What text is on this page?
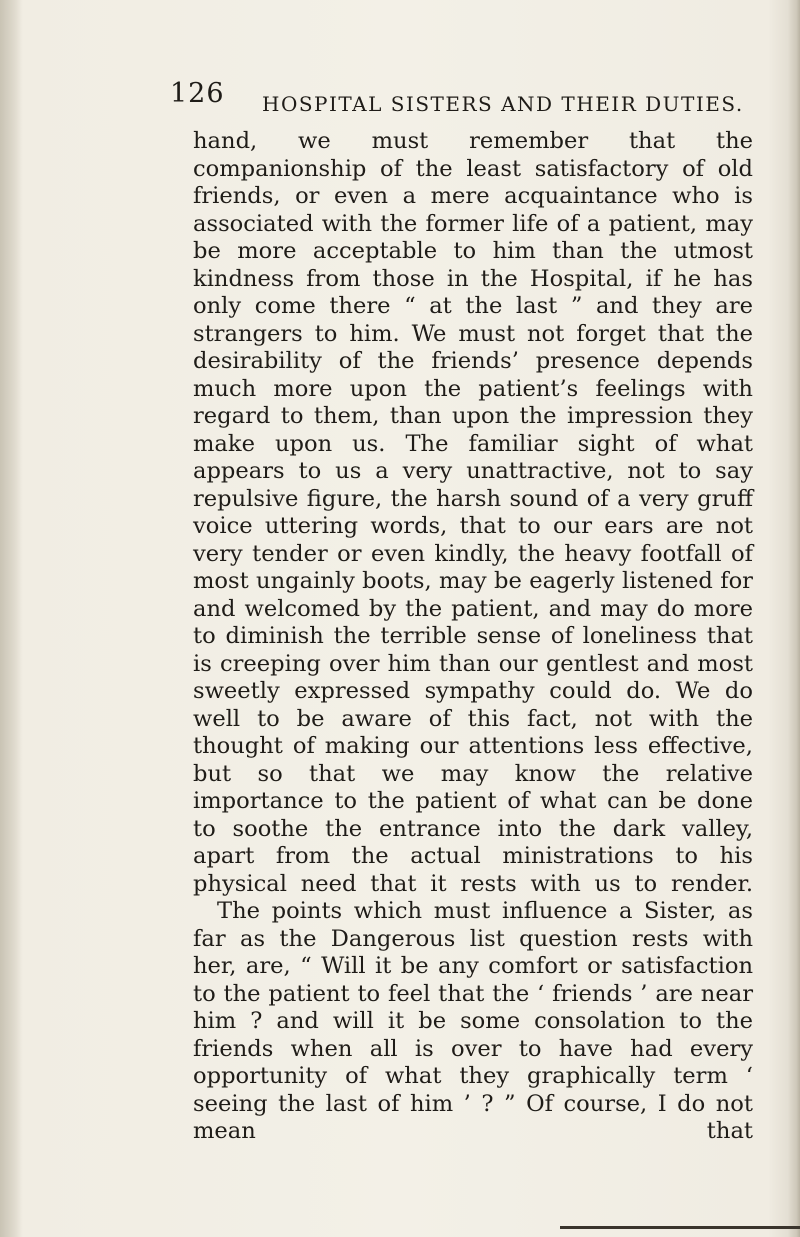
126 HOSPITAL SISTERS AND THEIR DUTIES.

hand, we must remember that the companionship of the least satisfactory of old friends, or even a mere acquaintance who is associated with the former life of a patient, may be more acceptable to him than the utmost kindness from those in the Hospital, if he has only come there “ at the last ” and they are strangers to him. We must not forget that the desirability of the friends’ presence depends much more upon the patient’s feelings with regard to them, than upon the impression they make upon us. The familiar sight of what appears to us a very unattractive, not to say repulsive figure, the harsh sound of a very gruff voice uttering words, that to our ears are not very tender or even kindly, the heavy footfall of most ungainly boots, may be eagerly listened for and welcomed by the patient, and may do more to diminish the terrible sense of loneliness that is creeping over him than our gentlest and most sweetly expressed sympathy could do. We do well to be aware of this fact, not with the thought of making our attentions less effective, but so that we may know the relative importance to the patient of what can be done to soothe the entrance into the dark valley, apart from the actual ministrations to his physical need that it rests with us to render.

The points which must influence a Sister, as far as the Dangerous list question rests with her, are, “ Will it be any comfort or satisfaction to the patient to feel that the ‘ friends ’ are near him ? and will it be some consolation to the friends when all is over to have had every opportunity of what they graphically term ‘ seeing the last of him ’ ? ” Of course, I do not mean that
